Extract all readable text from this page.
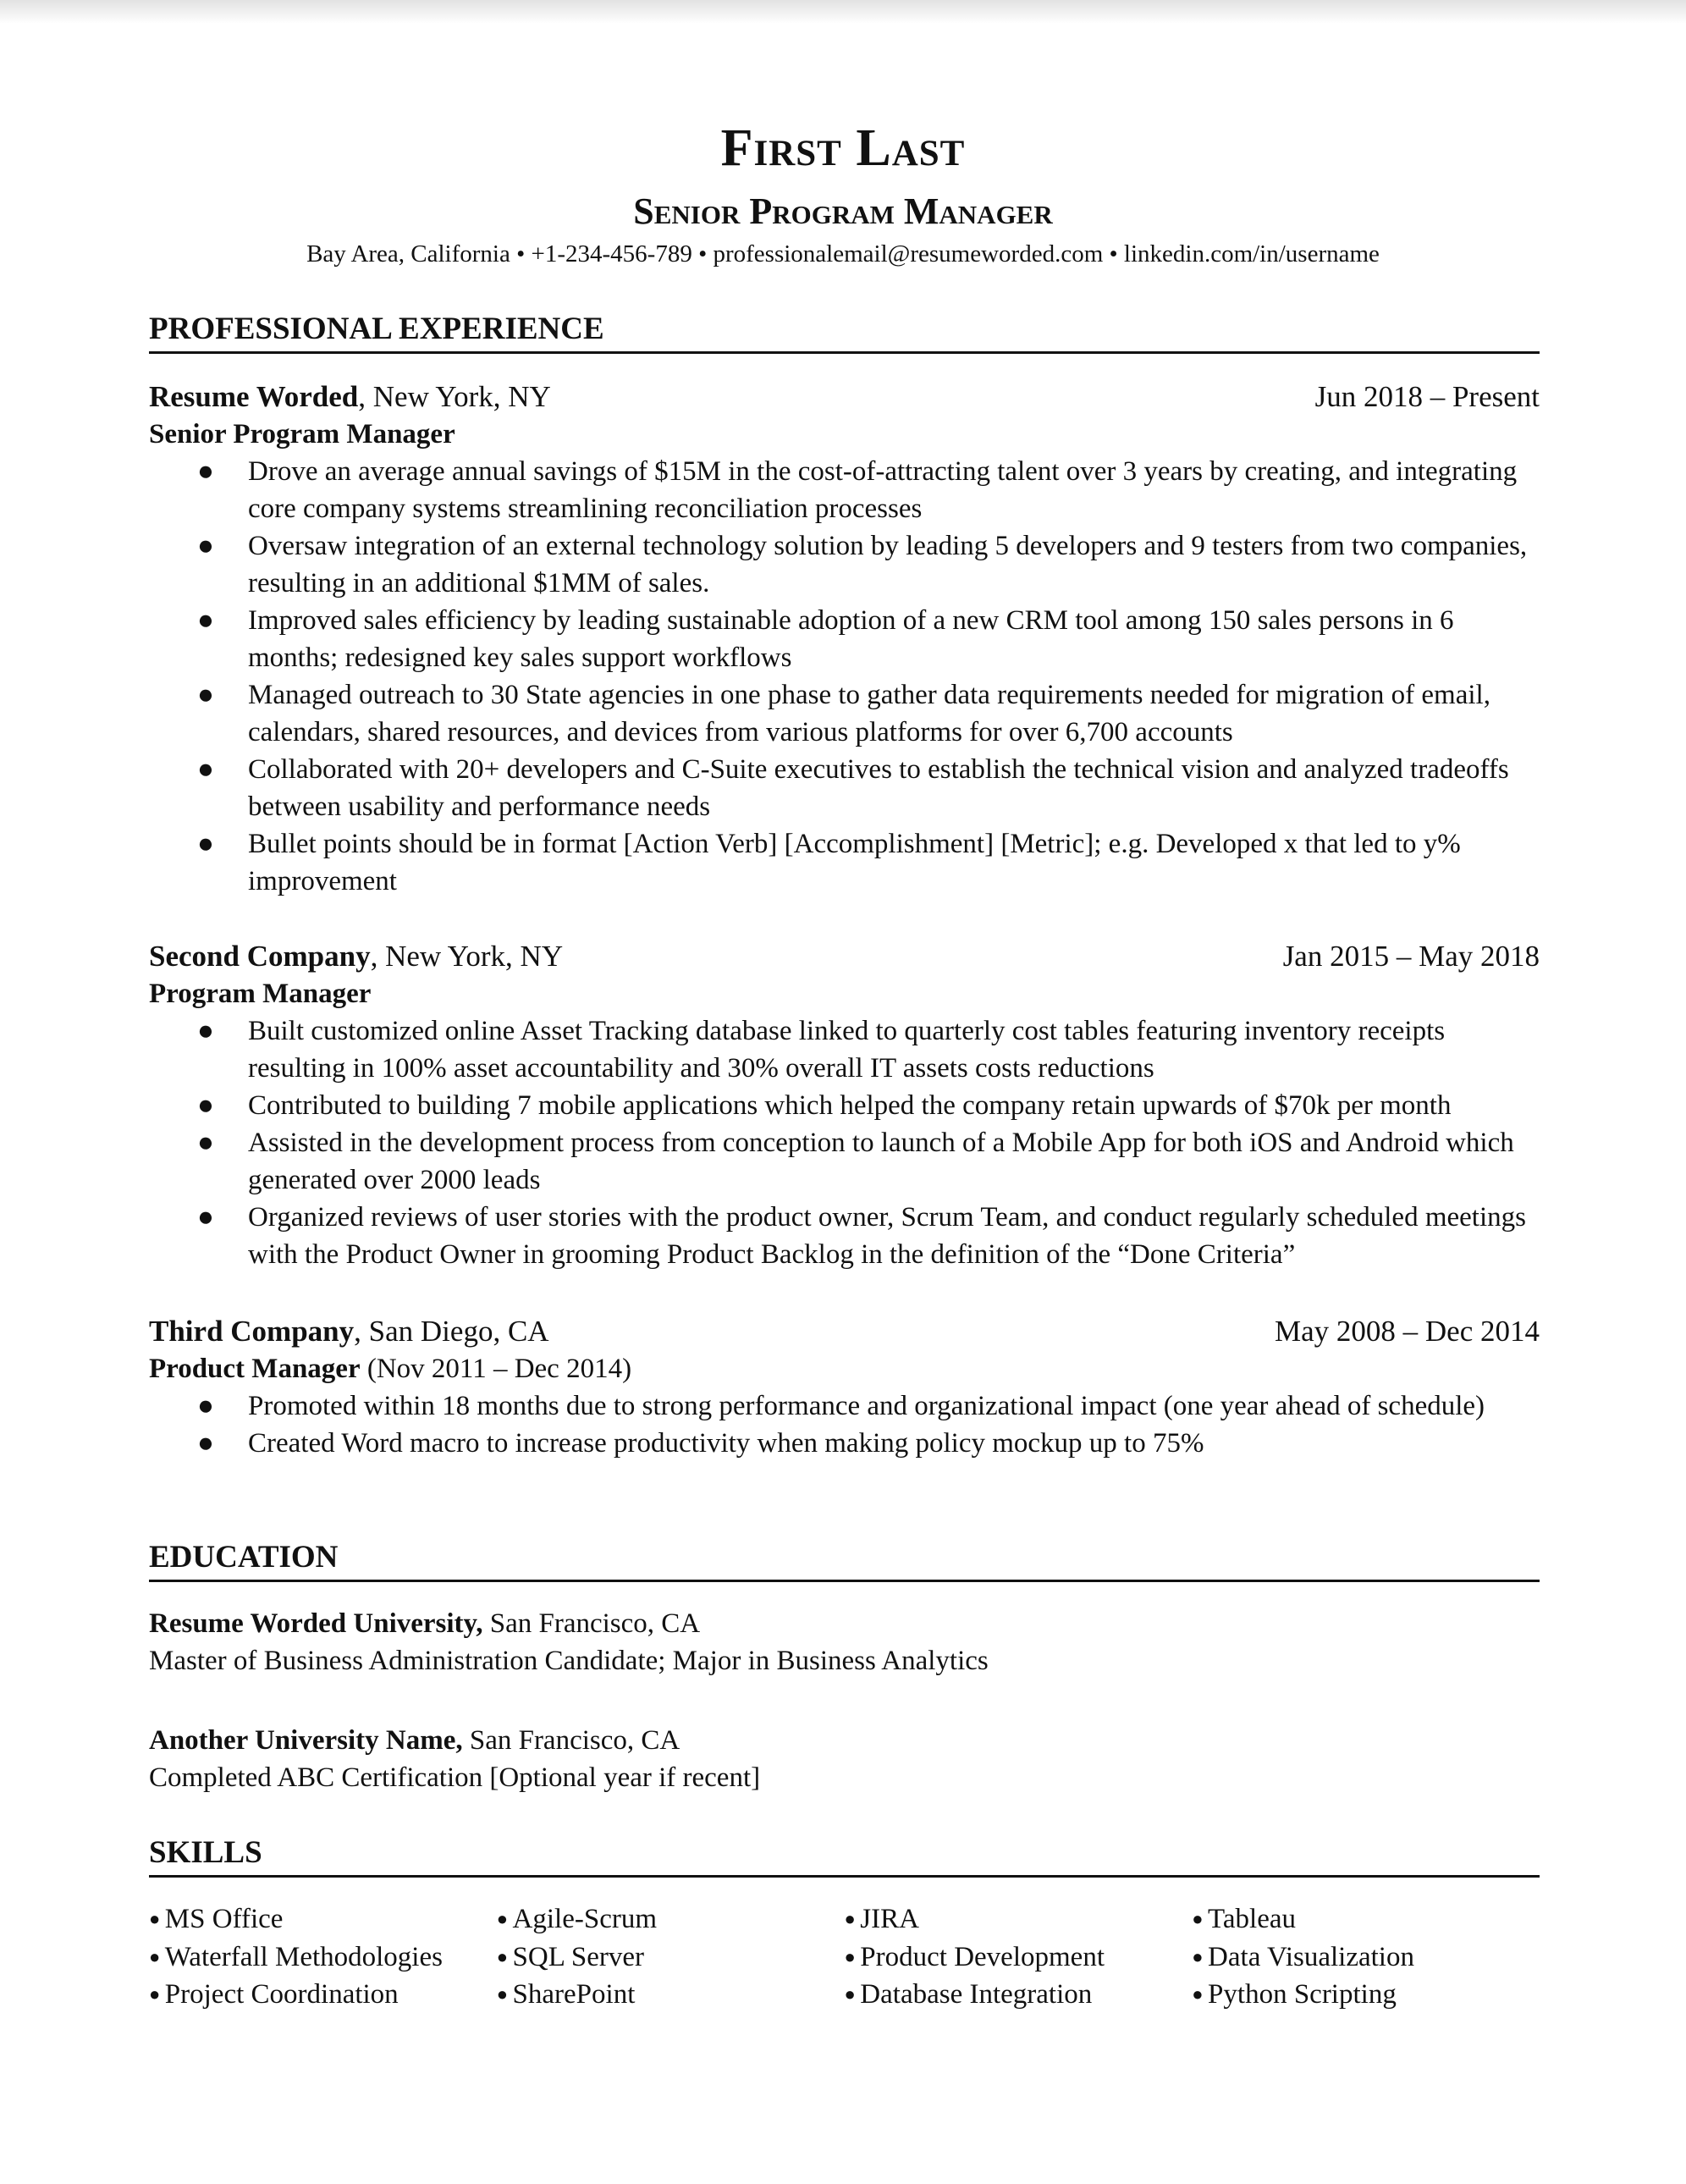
First Last
Senior Program Manager
Bay Area, California • +1-234-456-789 • professionalemail@resumeworded.com • linkedin.com/in/username
PROFESSIONAL EXPERIENCE
Resume Worded, New York, NY	Jun 2018 – Present
Senior Program Manager
● Drove an average annual savings of $15M in the cost-of-attracting talent over 3 years by creating, and integrating core company systems streamlining reconciliation processes
● Oversaw integration of an external technology solution by leading 5 developers and 9 testers from two companies, resulting in an additional $1MM of sales.
● Improved sales efficiency by leading sustainable adoption of a new CRM tool among 150 sales persons in 6 months; redesigned key sales support workflows
● Managed outreach to 30 State agencies in one phase to gather data requirements needed for migration of email, calendars, shared resources, and devices from various platforms for over 6,700 accounts
● Collaborated with 20+ developers and C-Suite executives to establish the technical vision and analyzed tradeoffs between usability and performance needs
● Bullet points should be in format [Action Verb] [Accomplishment] [Metric]; e.g. Developed x that led to y% improvement
Second Company, New York, NY	Jan 2015 – May 2018
Program Manager
● Built customized online Asset Tracking database linked to quarterly cost tables featuring inventory receipts resulting in 100% asset accountability and 30% overall IT assets costs reductions
● Contributed to building 7 mobile applications which helped the company retain upwards of $70k per month
● Assisted in the development process from conception to launch of a Mobile App for both iOS and Android which generated over 2000 leads
● Organized reviews of user stories with the product owner, Scrum Team, and conduct regularly scheduled meetings with the Product Owner in grooming Product Backlog in the definition of the “Done Criteria”
Third Company, San Diego, CA	May 2008 – Dec 2014
Product Manager (Nov 2011 – Dec 2014)
● Promoted within 18 months due to strong performance and organizational impact (one year ahead of schedule)
● Created Word macro to increase productivity when making policy mockup up to 75%
EDUCATION
Resume Worded University, San Francisco, CA
Master of Business Administration Candidate; Major in Business Analytics
Another University Name, San Francisco, CA
Completed ABC Certification [Optional year if recent]
SKILLS
● MS Office
● Waterfall Methodologies
● Project Coordination
● Agile-Scrum
● SQL Server
● SharePoint
● JIRA
● Product Development
● Database Integration
● Tableau
● Data Visualization
● Python Scripting
